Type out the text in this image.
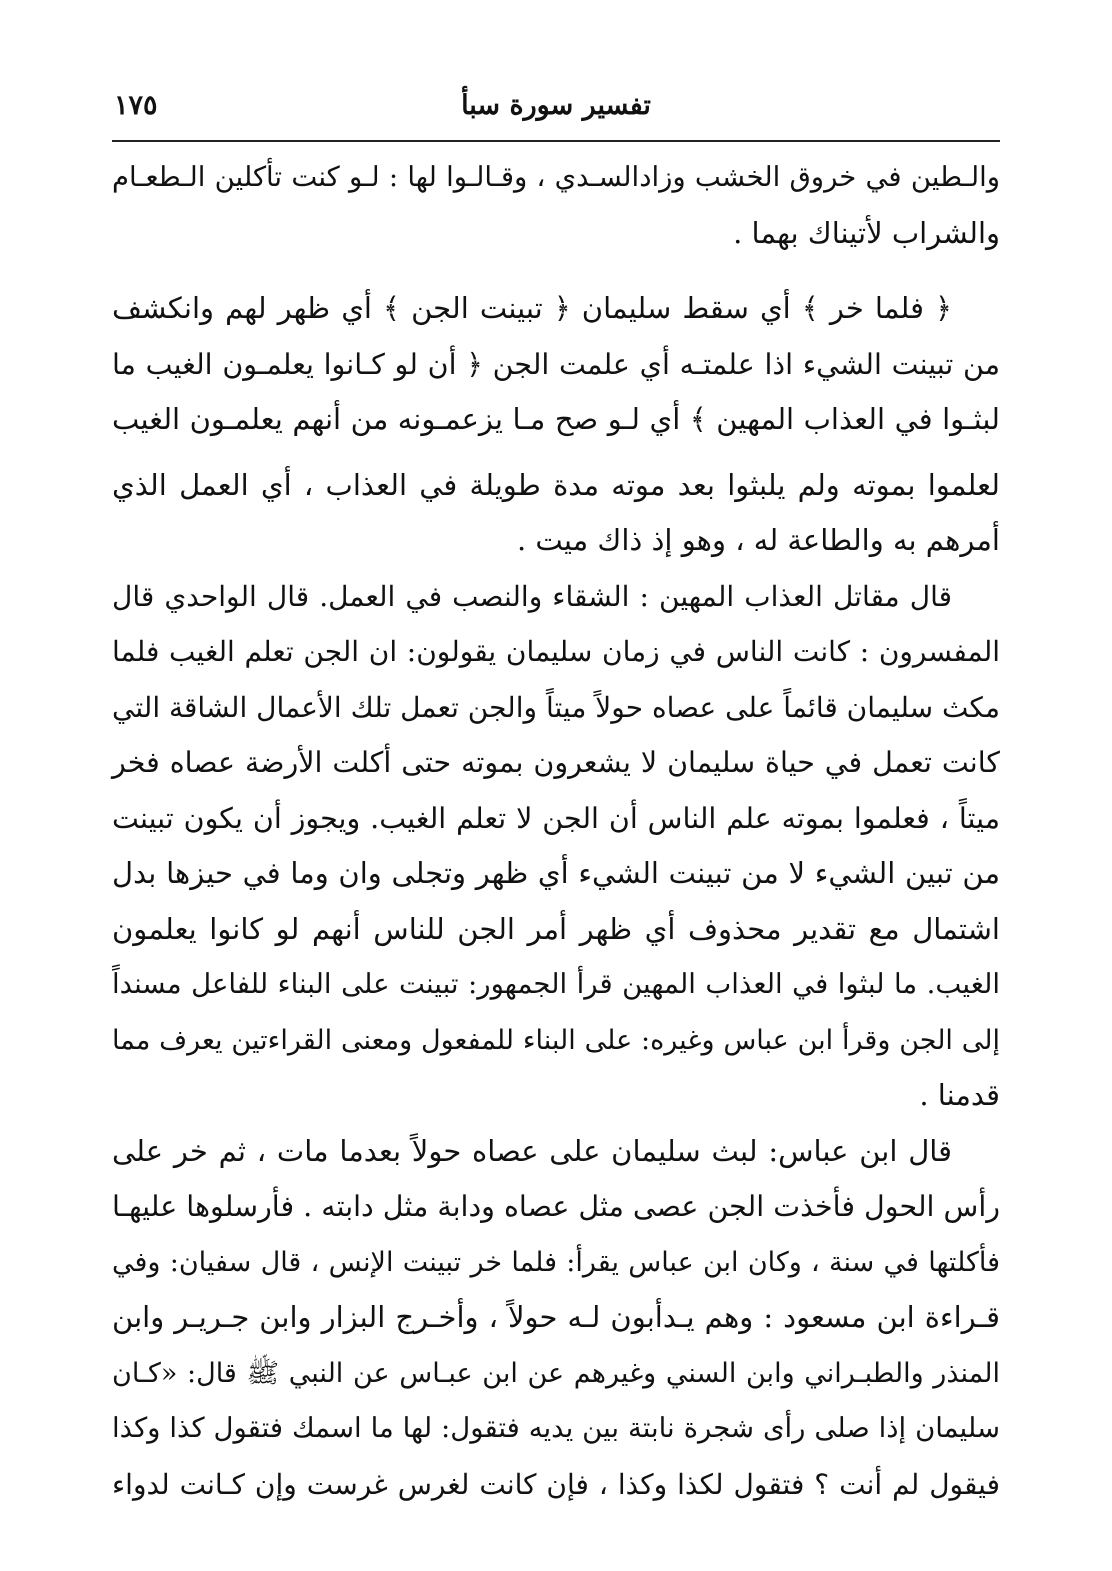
تفسير سورة سبأ
١٧٥
والـطين في خروق الخشب وزادالسـدي ، وقـالـوا لها : لـو كنت تأكلين الـطعـام
والشراب لأتيناك بهما .
﴿ فلما خر ﴾ أي سقط سليمان ﴿ تبينت الجن ﴾ أي ظهر لهم وانكشف
من تبينت الشيء اذا علمتـه أي علمت الجن ﴿ أن لو كـانوا يعلمـون الغيب ما
لبثـوا في العذاب المهين ﴾ أي لـو صح مـا يزعمـونه من أنهم يعلمـون الغيب
لعلموا بموته ولم يلبثوا بعد موته مدة طويلة في العذاب ، أي العمل الذي
أمرهم به والطاعة له ، وهو إذ ذاك ميت .
قال مقاتل العذاب المهين : الشقاء والنصب في العمل. قال الواحدي قال
المفسرون : كانت الناس في زمان سليمان يقولون: ان الجن تعلم الغيب فلما
مكث سليمان قائماً على عصاه حولاً ميتاً والجن تعمل تلك الأعمال الشاقة التي
كانت تعمل في حياة سليمان لا يشعرون بموته حتى أكلت الأرضة عصاه فخر
ميتاً ، فعلموا بموته علم الناس أن الجن لا تعلم الغيب. ويجوز أن يكون تبينت
من تبين الشيء لا من تبينت الشيء أي ظهر وتجلى وان وما في حيزها بدل
اشتمال مع تقدير محذوف أي ظهر أمر الجن للناس أنهم لو كانوا يعلمون
الغيب. ما لبثوا في العذاب المهين قرأ الجمهور: تبينت على البناء للفاعل مسنداً
إلى الجن وقرأ ابن عباس وغيره: على البناء للمفعول ومعنى القراءتين يعرف مما
قدمنا .
قال ابن عباس: لبث سليمان على عصاه حولاً بعدما مات ، ثم خر على
رأس الحول فأخذت الجن عصى مثل عصاه ودابة مثل دابته . فأرسلوها عليهـا
فأكلتها في سنة ، وكان ابن عباس يقرأ: فلما خر تبينت الإنس ، قال سفيان: وفي
قـراءة ابن مسعود : وهم يـدأبون لـه حولاً ، وأخـرج البزار وابن جـريـر وابن
المنذر والطبـراني وابن السني وغيرهم عن ابن عبـاس عن النبي ﷺ قال: «كـان
سليمان إذا صلى رأى شجرة نابتة بين يديه فتقول: لها ما اسمك فتقول كذا وكذا
فيقول لم أنت ؟ فتقول لكذا وكذا ، فإن كانت لغرس غرست وإن كـانت لدواء
